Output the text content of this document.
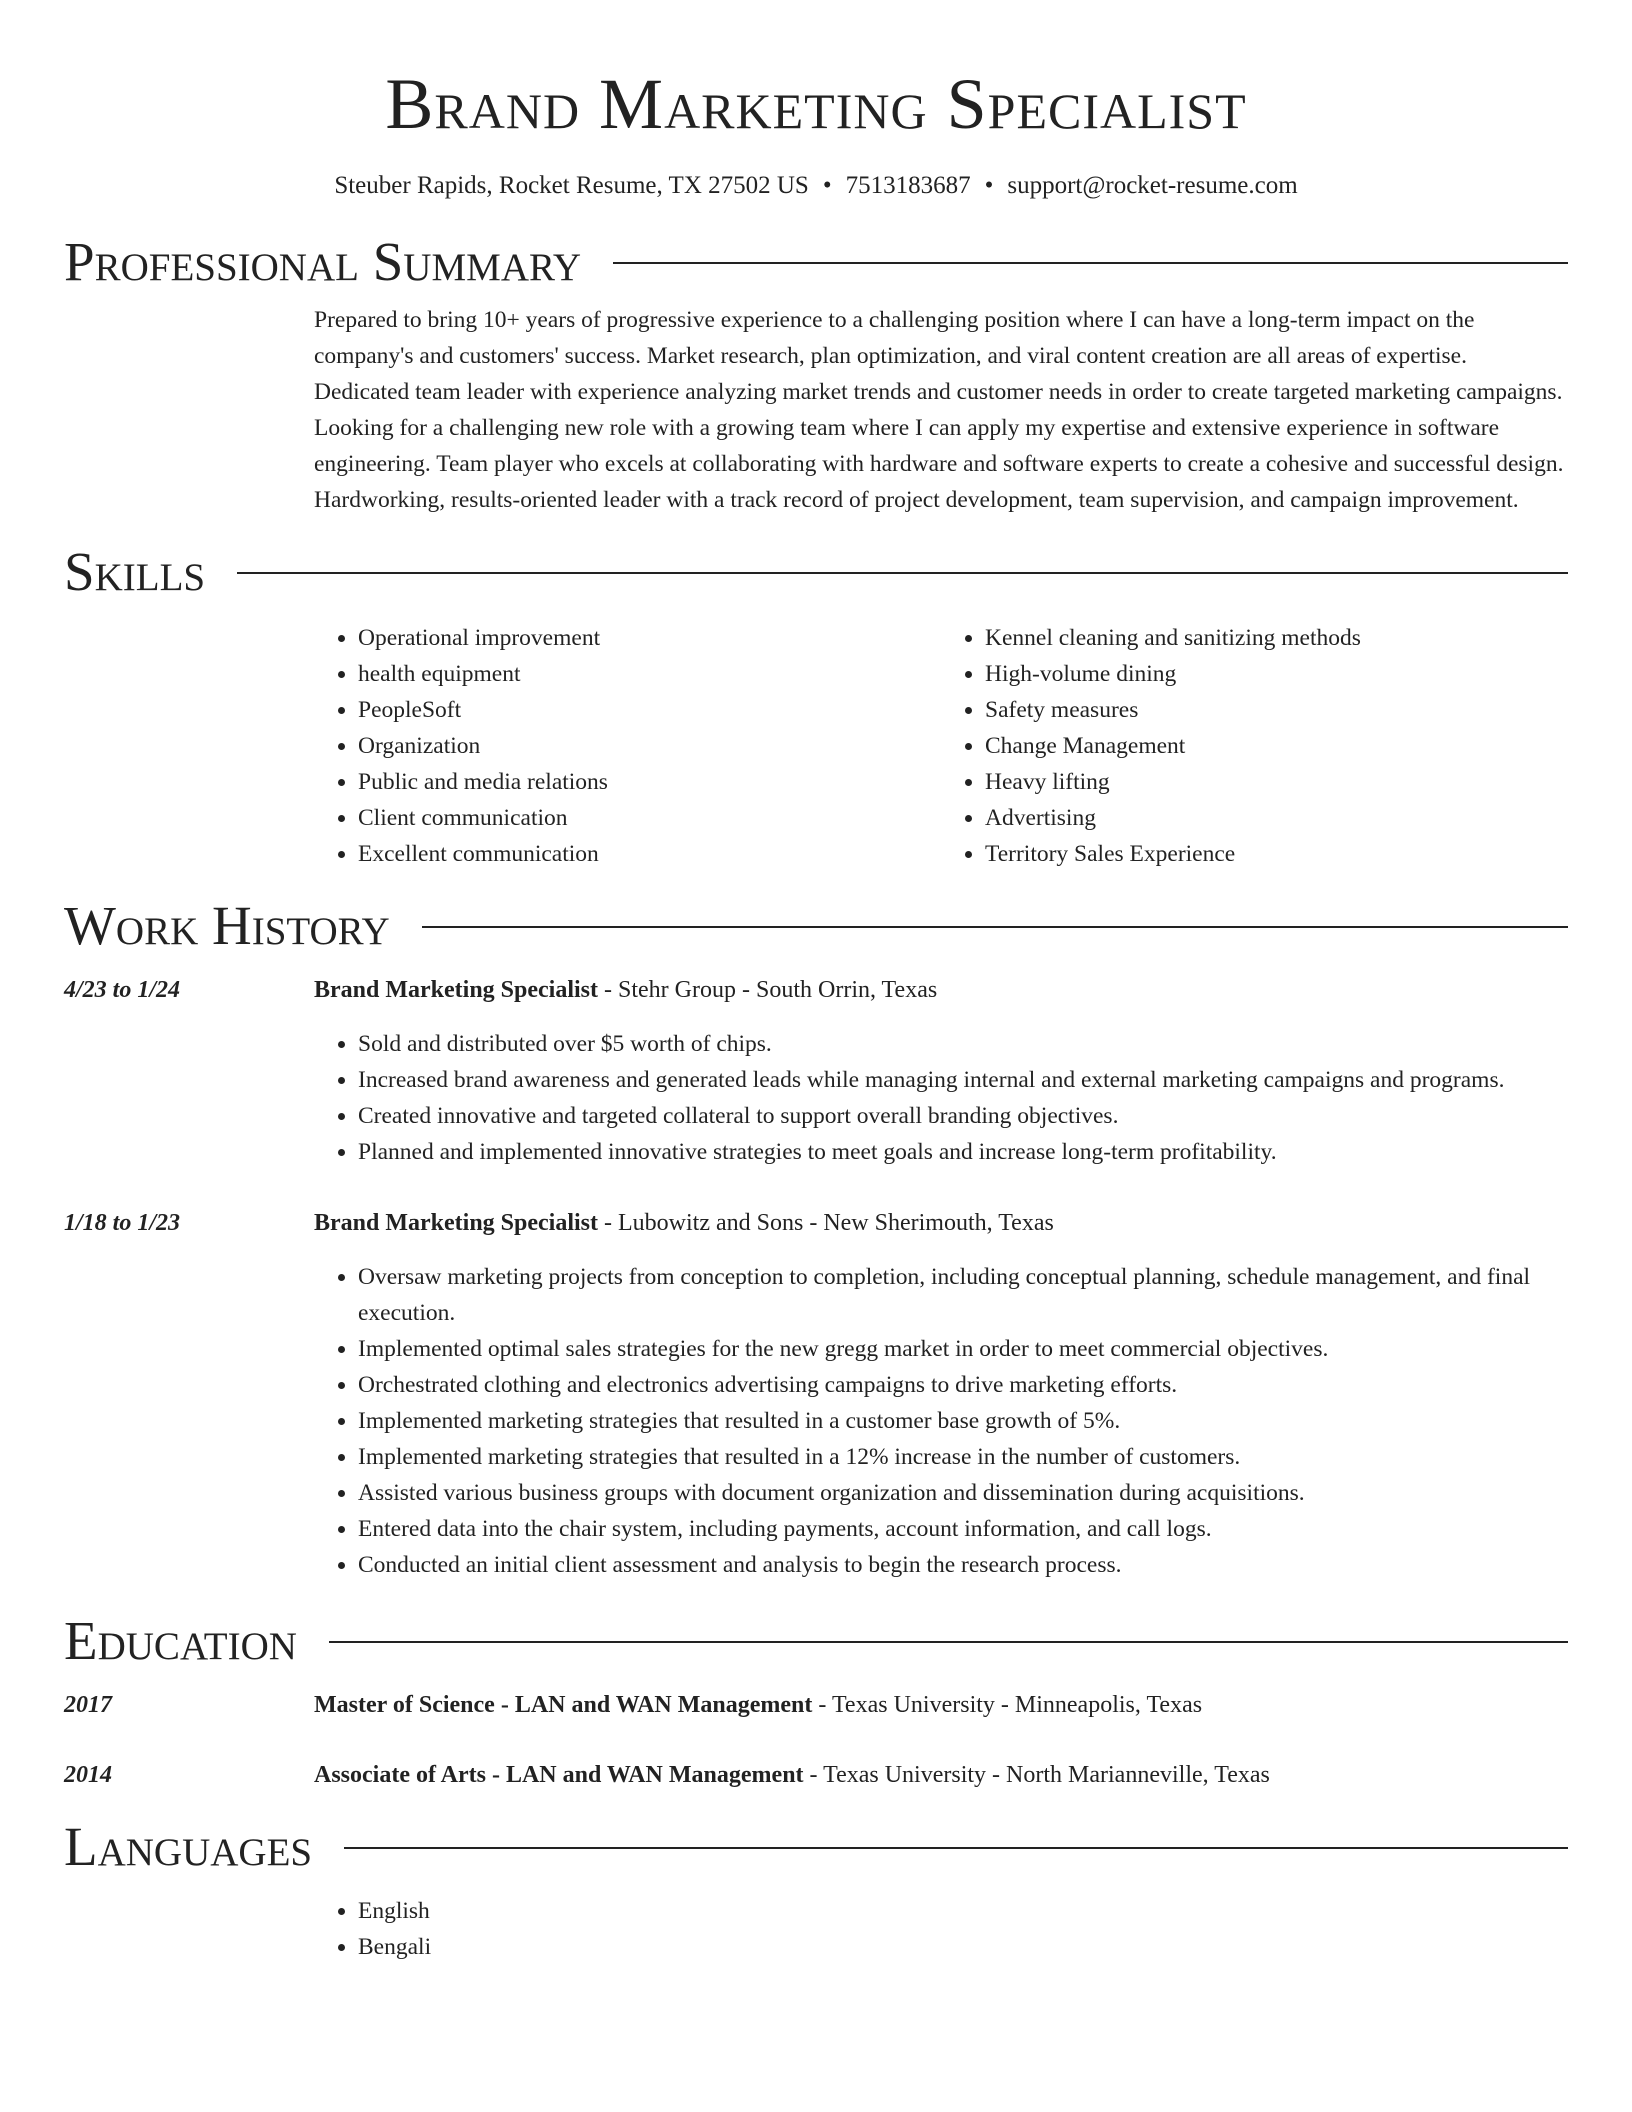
Brand Marketing Specialist
Steuber Rapids, Rocket Resume, TX 27502 US • 7513183687 • support@rocket-resume.com
Professional Summary

Prepared to bring 10+ years of progressive experience to a challenging position where I can have a long-term impact on the company's and customers' success. Market research, plan optimization, and viral content creation are all areas of expertise. Dedicated team leader with experience analyzing market trends and customer needs in order to create targeted marketing campaigns. Looking for a challenging new role with a growing team where I can apply my expertise and extensive experience in software engineering. Team player who excels at collaborating with hardware and software experts to create a cohesive and successful design. Hardworking, results-oriented leader with a track record of project development, team supervision, and campaign improvement.

Skills
• Operational improvement
• health equipment
• PeopleSoft
• Organization
• Public and media relations
• Client communication
• Excellent communication
• Kennel cleaning and sanitizing methods
• High-volume dining
• Safety measures
• Change Management
• Heavy lifting
• Advertising
• Territory Sales Experience
Work History
4/23 to 1/24	Brand Marketing Specialist - Stehr Group - South Orrin, Texas
• Sold and distributed over $5 worth of chips.
• Increased brand awareness and generated leads while managing internal and external marketing campaigns and programs.
• Created innovative and targeted collateral to support overall branding objectives.
• Planned and implemented innovative strategies to meet goals and increase long-term profitability.
1/18 to 1/23	Brand Marketing Specialist - Lubowitz and Sons - New Sherimouth, Texas
• Oversaw marketing projects from conception to completion, including conceptual planning, schedule management, and final execution.
• Implemented optimal sales strategies for the new gregg market in order to meet commercial objectives.
• Orchestrated clothing and electronics advertising campaigns to drive marketing efforts.
• Implemented marketing strategies that resulted in a customer base growth of 5%.
• Implemented marketing strategies that resulted in a 12% increase in the number of customers.
• Assisted various business groups with document organization and dissemination during acquisitions.
• Entered data into the chair system, including payments, account information, and call logs.
• Conducted an initial client assessment and analysis to begin the research process.
Education
2017	Master of Science - LAN and WAN Management - Texas University - Minneapolis, Texas
2014	Associate of Arts - LAN and WAN Management - Texas University - North Marianneville, Texas
Languages
• English
• Bengali
